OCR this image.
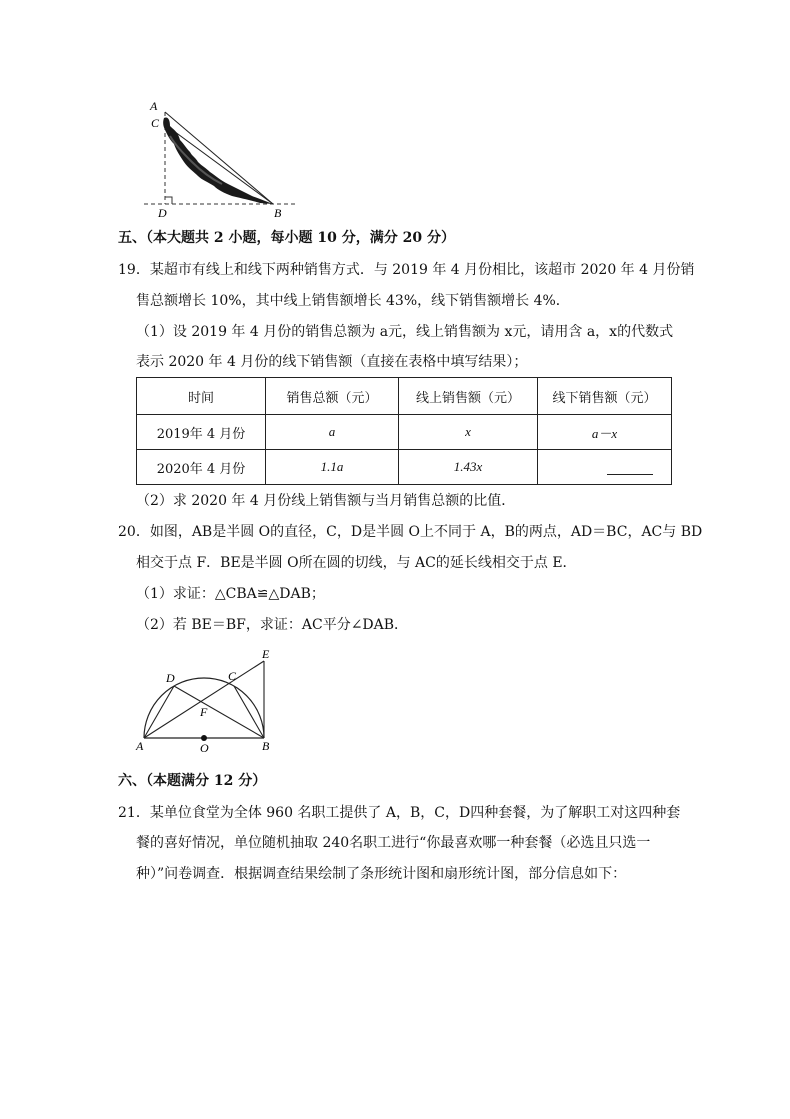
A
C
D	B
五、（本大题共 2 小题，每小题 10 分，满分 20 分）
19．某超市有线上和线下两种销售方式．与 2019 年 4 月份相比，该超市 2020 年 4 月份销
售总额增长 10%，其中线上销售额增长 43%，线下销售额增长 4%．
（1）设 2019 年 4 月份的销售总额为 a元，线上销售额为 x元，请用含 a，x的代数式
表示 2020 年 4 月份的线下销售额（直接在表格中填写结果）；
时间	销售总额（元）	线上销售额（元）	线下销售额（元）
2019年 4 月份	a	x	a－x
2020年 4 月份	1.1a	1.43x	
（2）求 2020 年 4 月份线上销售额与当月销售总额的比值．
20．如图，AB是半圆 O的直径，C，D是半圆 O上不同于 A，B的两点，AD＝BC，AC与 BD
相交于点 F．BE是半圆 O所在圆的切线，与 AC的延长线相交于点 E．
（1）求证：△CBA≌△DAB；
（2）若 BE＝BF，求证：AC平分∠DAB．
A	O	B
D	C
E
F
六、（本题满分 12 分）
21．某单位食堂为全体 960 名职工提供了 A，B，C，D四种套餐，为了解职工对这四种套
餐的喜好情况，单位随机抽取 240名职工进行“你最喜欢哪一种套餐（必选且只选一
种）”问卷调查．根据调查结果绘制了条形统计图和扇形统计图，部分信息如下：
